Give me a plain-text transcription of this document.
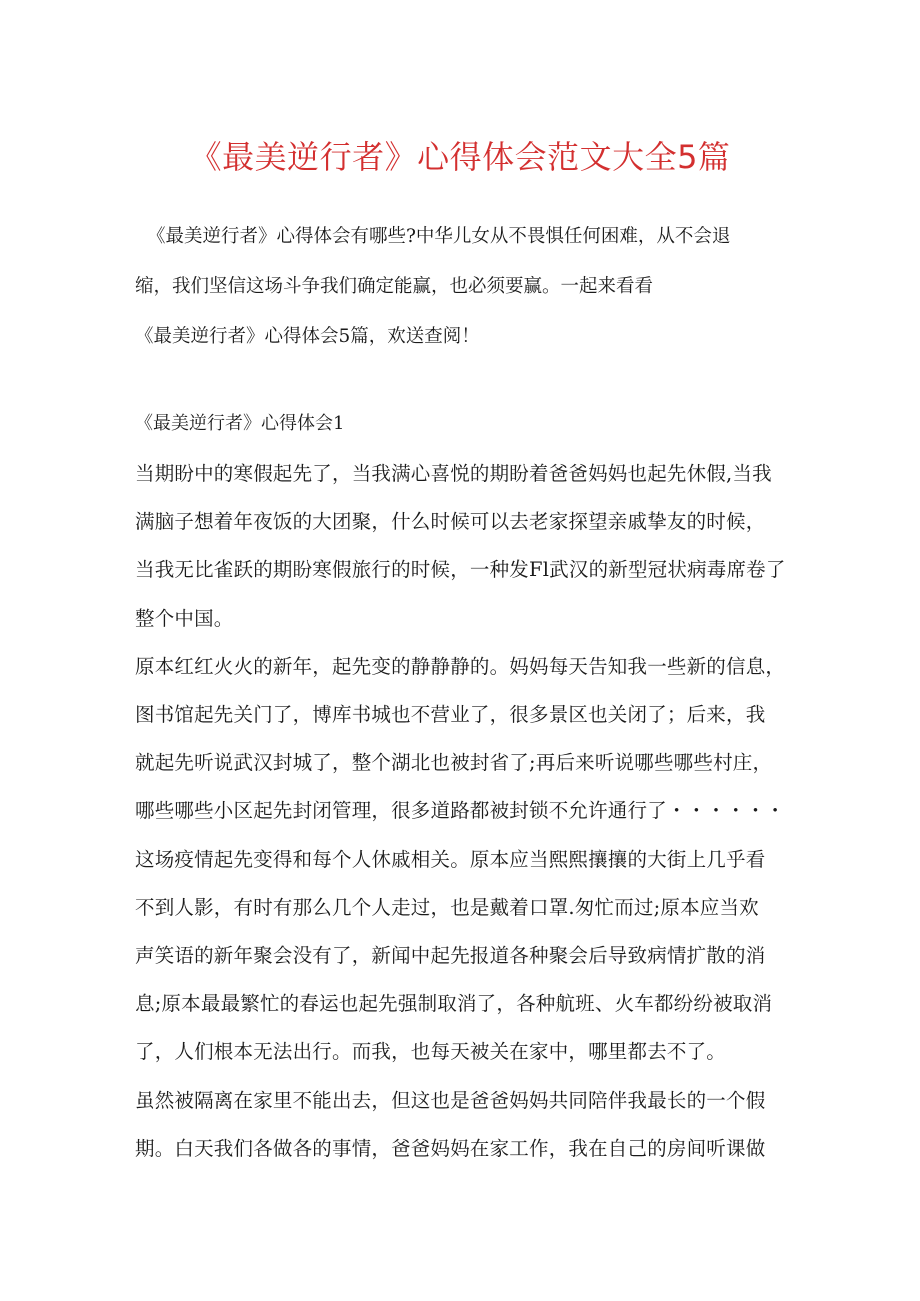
《最美逆行者》心得体会范文大全5篇
《最美逆行者》心得体会有哪些?中华儿女从不畏惧任何困难，从不会退
缩，我们坚信这场斗争我们确定能赢，也必须要赢。一起来看看
《最美逆行者》心得体会5篇，欢送查阅！
《最美逆行者》心得体会1
当期盼中的寒假起先了，当我满心喜悦的期盼着爸爸妈妈也起先休假,当我
满脑子想着年夜饭的大团聚，什么时候可以去老家探望亲戚挚友的时候，
当我无比雀跃的期盼寒假旅行的时候，一种发Fl武汉的新型冠状病毒席卷了
整个中国。
原本红红火火的新年，起先变的静静静的。妈妈每天告知我一些新的信息，
图书馆起先关门了，博库书城也不营业了，很多景区也关闭了；后来，我
就起先听说武汉封城了，整个湖北也被封省了;再后来听说哪些哪些村庄，
哪些哪些小区起先封闭管理，很多道路都被封锁不允许通行了・・・・・・
这场疫情起先变得和每个人休戚相关。原本应当熙熙攘攘的大街上几乎看
不到人影，有时有那么几个人走过，也是戴着口罩.匆忙而过;原本应当欢
声笑语的新年聚会没有了，新闻中起先报道各种聚会后导致病情扩散的消
息;原本最最繁忙的春运也起先强制取消了，各种航班、火车都纷纷被取消
了，人们根本无法出行。而我，也每天被关在家中，哪里都去不了。
虽然被隔离在家里不能出去，但这也是爸爸妈妈共同陪伴我最长的一个假
期。白天我们各做各的事情，爸爸妈妈在家工作，我在自己的房间听课做
